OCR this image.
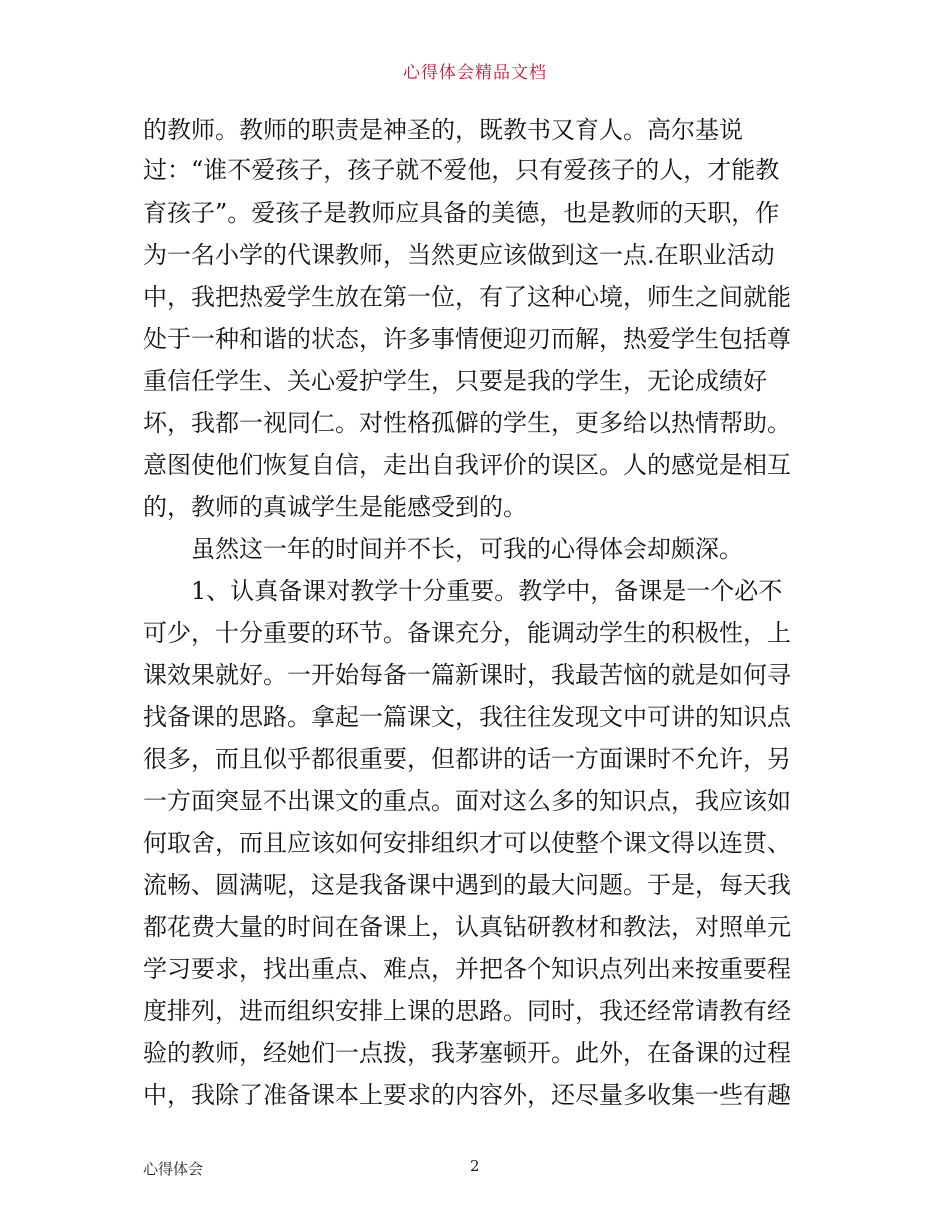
心得体会精品文档
的教师。教师的职责是神圣的，既教书又育人。高尔基说
过：“谁不爱孩子，孩子就不爱他，只有爱孩子的人，才能教
育孩子”。爱孩子是教师应具备的美德，也是教师的天职，作
为一名小学的代课教师，当然更应该做到这一点.在职业活动
中，我把热爱学生放在第一位，有了这种心境，师生之间就能
处于一种和谐的状态，许多事情便迎刃而解，热爱学生包括尊
重信任学生、关心爱护学生，只要是我的学生，无论成绩好
坏，我都一视同仁。对性格孤僻的学生，更多给以热情帮助。
意图使他们恢复自信，走出自我评价的误区。人的感觉是相互
的，教师的真诚学生是能感受到的。
虽然这一年的时间并不长，可我的心得体会却颇深。
1、认真备课对教学十分重要。教学中，备课是一个必不
可少，十分重要的环节。备课充分，能调动学生的积极性，上
课效果就好。一开始每备一篇新课时，我最苦恼的就是如何寻
找备课的思路。拿起一篇课文，我往往发现文中可讲的知识点
很多，而且似乎都很重要，但都讲的话一方面课时不允许，另
一方面突显不出课文的重点。面对这么多的知识点，我应该如
何取舍，而且应该如何安排组织才可以使整个课文得以连贯、
流畅、圆满呢，这是我备课中遇到的最大问题。于是，每天我
都花费大量的时间在备课上，认真钻研教材和教法，对照单元
学习要求，找出重点、难点，并把各个知识点列出来按重要程
度排列，进而组织安排上课的思路。同时，我还经常请教有经
验的教师，经她们一点拨，我茅塞顿开。此外，在备课的过程
中，我除了准备课本上要求的内容外，还尽量多收集一些有趣
心得体会	2
